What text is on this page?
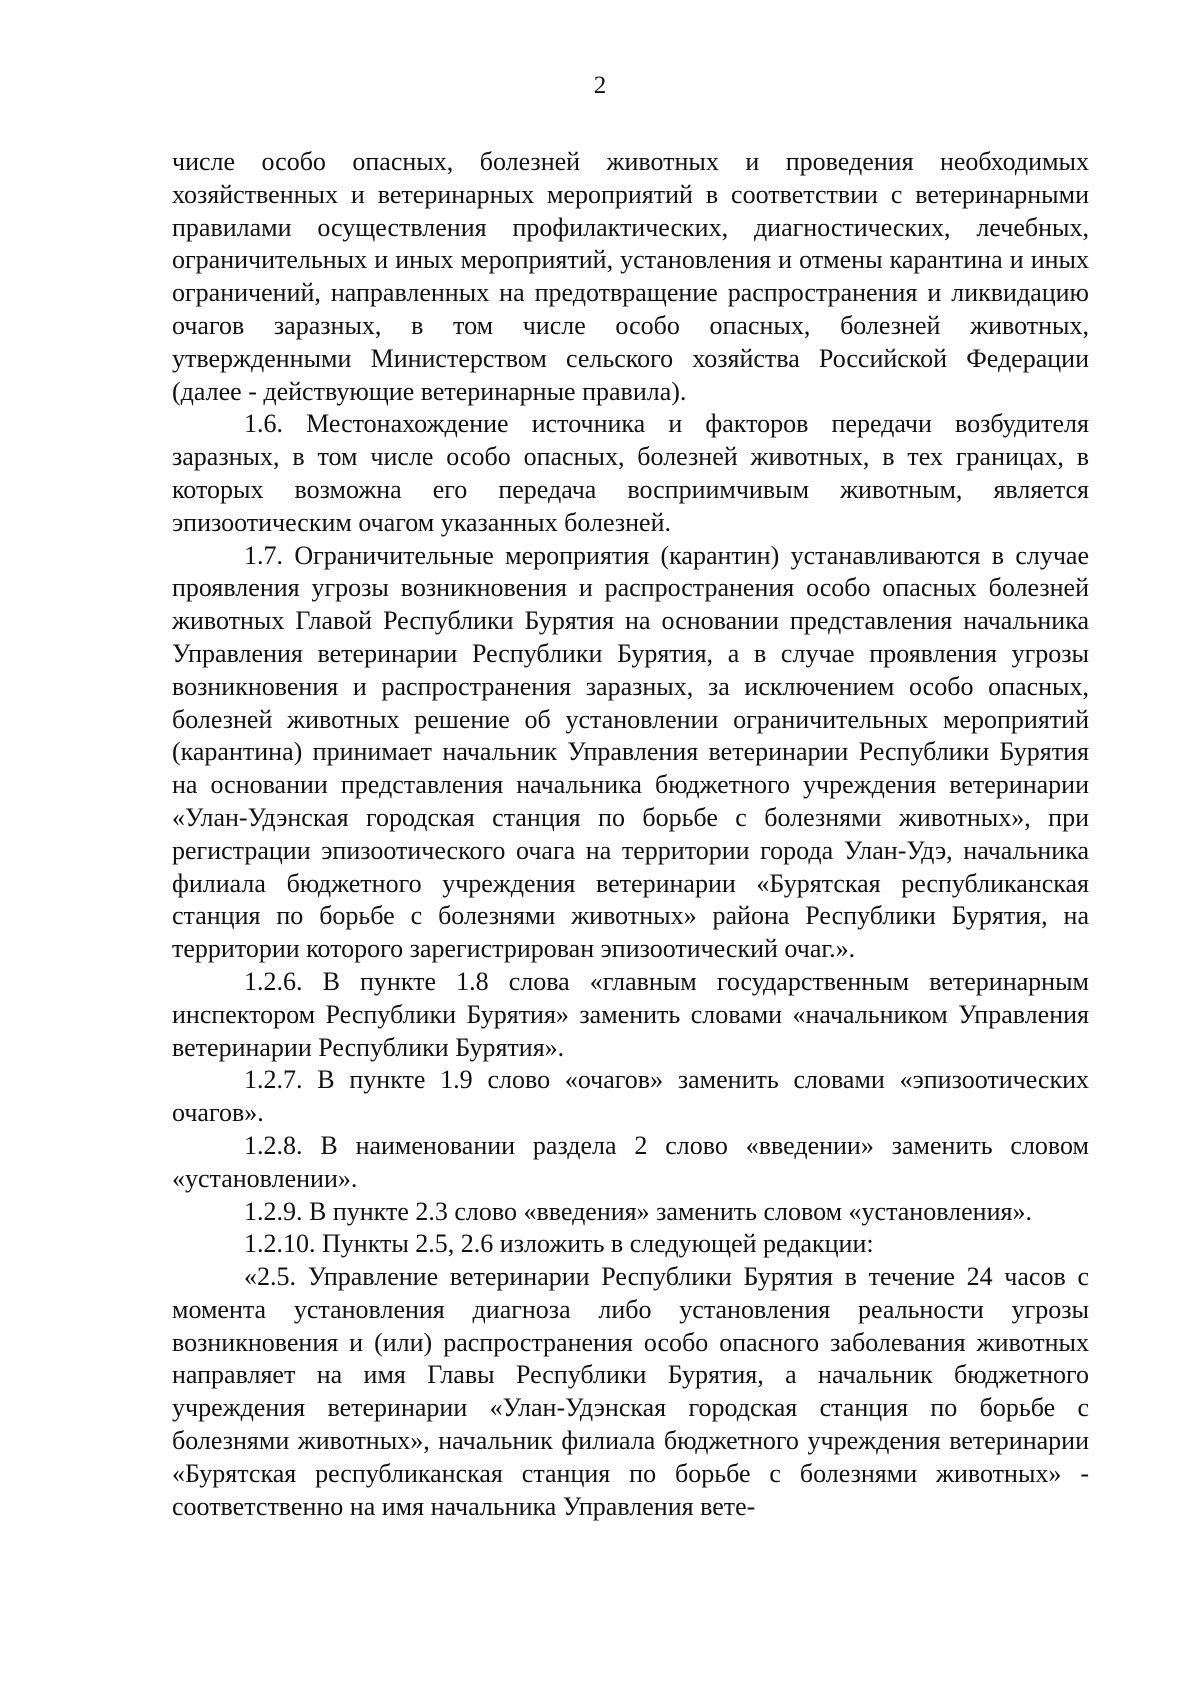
2

числе особо опасных, болезней животных и проведения необходимых хозяйственных и ветеринарных мероприятий в соответствии с ветеринарными правилами осуществления профилактических, диагностических, лечебных, ограничительных и иных мероприятий, установления и отмены карантина и иных ограничений, направленных на предотвращение распространения и ликвидацию очагов заразных, в том числе особо опасных, болезней животных, утвержденными Министерством сельского хозяйства Российской Федерации (далее - действующие ветеринарные правила).

1.6. Местонахождение источника и факторов передачи возбудителя заразных, в том числе особо опасных, болезней животных, в тех границах, в которых возможна его передача восприимчивым животным, является эпизоотическим очагом указанных болезней.

1.7. Ограничительные мероприятия (карантин) устанавливаются в случае проявления угрозы возникновения и распространения особо опасных болезней животных Главой Республики Бурятия на основании представления начальника Управления ветеринарии Республики Бурятия, а в случае проявления угрозы возникновения и распространения заразных, за исключением особо опасных, болезней животных решение об установлении ограничительных мероприятий (карантина) принимает начальник Управления ветеринарии Республики Бурятия на основании представления начальника бюджетного учреждения ветеринарии «Улан-Удэнская городская станция по борьбе с болезнями животных», при регистрации эпизоотического очага на территории города Улан-Удэ, начальника филиала бюджетного учреждения ветеринарии «Бурятская республиканская станция по борьбе с болезнями животных» района Республики Бурятия, на территории которого зарегистрирован эпизоотический очаг.».

1.2.6. В пункте 1.8 слова «главным государственным ветеринарным инспектором Республики Бурятия» заменить словами «начальником Управления ветеринарии Республики Бурятия».

1.2.7. В пункте 1.9 слово «очагов» заменить словами «эпизоотических очагов».

1.2.8. В наименовании раздела 2 слово «введении» заменить словом «установлении».

1.2.9. В пункте 2.3 слово «введения» заменить словом «установления».

1.2.10. Пункты 2.5, 2.6 изложить в следующей редакции:

«2.5. Управление ветеринарии Республики Бурятия в течение 24 часов с момента установления диагноза либо установления реальности угрозы возникновения и (или) распространения особо опасного заболевания животных направляет на имя Главы Республики Бурятия, а начальник бюджетного учреждения ветеринарии «Улан-Удэнская городская станция по борьбе с болезнями животных», начальник филиала бюджетного учреждения ветеринарии «Бурятская республиканская станция по борьбе с болезнями животных» - соответственно на имя начальника Управления вете-
